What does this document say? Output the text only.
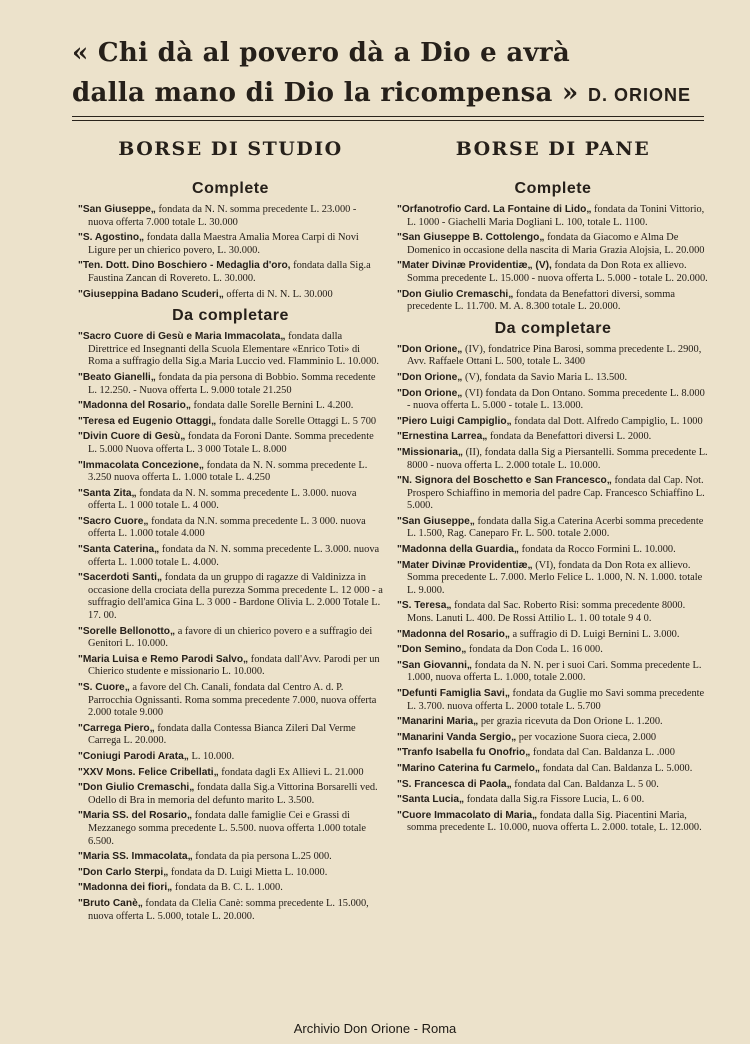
« Chi dà al povero dà a Dio e avrà
dalla mano di Dio la ricompensa » D. ORIONE
BORSE DI STUDIO
Complete
"San Giuseppe„ fondata da N. N. somma precedente L. 23.000 - nuova offerta 7.000 totale L. 30.000
"S. Agostino„ fondata dalla Maestra Amalia Morea Carpi di Novi Ligure per un chierico povero, L. 30.000.
"Ten. Dott. Dino Boschiero - Medaglia d'oro, fondata dalla Sig.a Faustina Zancan di Rovereto. L. 30.000.
"Giuseppina Badano Scuderi„ offerta di N. N. L. 30.000
Da completare
"Sacro Cuore di Gesù e Maria Immacolata„ fondata dalla Direttrice ed Insegnanti della Scuola Elementare «Enrico Toti» di Roma a suffragio della Sig.a Maria Luccio ved. Flamminio L. 10.000.
"Beato Gianelli„ fondata da pia persona di Bobbio. Somma recedente L. 12.250. - Nuova offerta L. 9.000 totale 21.250
"Madonna del Rosario„ fondata dalle Sorelle Bernini L. 4.200.
"Teresa ed Eugenio Ottaggi„ fondata dalle Sorelle Ottaggi L. 5 700
"Divin Cuore di Gesù„ fondata da Foroni Dante. Somma precedente L. 5.000 Nuova offerta L. 3 000 Totale L. 8.000
"Immacolata Concezione„ fondata da N. N. somma precedente L. 3.250 nuova offerta L. 1.000 totale L. 4.250
"Santa Zita„ fondata da N. N. somma precedente L. 3.000. nuova offerta L. 1 000 totale L. 4 000.
"Sacro Cuore„ fondata da N.N. somma precedente L. 3 000. nuova offerta L. 1.000 totale 4.000
"Santa Caterina„ fondata da N. N. somma precedente L. 3.000. nuova offerta L. 1.000 totale L. 4.000.
"Sacerdoti Santi„ fondata da un gruppo di ragazze di Valdinizza in occasione della crociata della purezza Somma precedente L. 12 000 - a suffragio dell'amica Gina L. 3 000 - Bardone Olivia L. 2.000 Totale L. 17. 00.
"Sorelle Bellonotto„ a favore di un chierico povero e a suffragio dei Genitori L. 10.000.
"Maria Luisa e Remo Parodi Salvo„ fondata dall'Avv. Parodi per un Chierico studente e missionario L. 10.000.
"S. Cuore„ a favore del Ch. Canali, fondata dal Centro A. d. P. Parrocchia Ognissanti. Roma somma precedente 7.000, nuova offerta 2.000 totale 9.000
"Carrega Piero„ fondata dalla Contessa Bianca Zileri Dal Verme Carrega L. 20.000.
"Coniugi Parodi Arata„ L. 10.000.
"XXV Mons. Felice Cribellati„ fondata dagli Ex Allievi L. 21.000
"Don Giulio Cremaschi„ fondata dalla Sig.a Vittorina Borsarelli ved. Odello di Bra in memoria del defunto marito L. 3.500.
"Maria SS. del Rosario„ fondata dalle famiglie Cei e Grassi di Mezzanego somma precedente L. 5.500. nuova offerta 1.000 totale 6.500.
"Maria SS. Immacolata„ fondata da pia persona L.25 000.
"Don Carlo Sterpi„ fondata da D. Luigi Mietta L. 10.000.
"Madonna dei fiori„ fondata da B. C. L. 1.000.
"Bruto Canè„ fondata da Clelia Canè: somma precedente L. 15.000, nuova offerta L. 5.000, totale L. 20.000.
BORSE DI PANE
Complete
"Orfanotrofio Card. La Fontaine di Lido„ fondata da Tonini Vittorio, L. 1000 - Giachelli Maria Dogliani L. 100, totale L. 1100.
"San Giuseppe B. Cottolengo„ fondata da Giacomo e Alma De Domenico in occasione della nascita di Maria Grazia Alojsia, L. 20.000
"Mater Divinæ Providentiæ„ (V), fondata da Don Rota ex allievo. Somma precedente L. 15.000 - nuova offerta L. 5.000 - totale L. 20.000.
"Don Giulio Cremaschi„ fondata da Benefattori diversi, somma precedente L. 11.700. M. A. 8.300 totale L. 20.000.
Da completare
"Don Orione„ (IV), fondatrice Pina Barosi, somma precedente L. 2900, Avv. Raffaele Ottani L. 500, totale L. 3400
"Don Orione„ (V), fondata da Savio Maria L. 13.500.
"Don Orione„ (VI) fondata da Don Ontano. Somma precedente L. 8.000 - nuova offerta L. 5.000 - totale L. 13.000.
"Piero Luigi Campiglio„ fondata dal Dott. Alfredo Campiglio, L. 1000
"Ernestina Larrea„ fondata da Benefattori diversi L. 2000.
"Missionaria„ (II), fondata dalla Sig a Piersantelli. Somma precedente L. 8000 - nuova offerta L. 2.000 totale L. 10.000.
"N. Signora del Boschetto e San Francesco„ fondata dal Cap. Not. Prospero Schiaffino in memoria del padre Cap. Francesco Schiaffino L. 5.000.
"San Giuseppe„ fondata dalla Sig.a Caterina Acerbi somma precedente L. 1.500, Rag. Caneparo Fr. L. 500. totale 2.000.
"Madonna della Guardia„ fondata da Rocco Formini L. 10.000.
"Mater Divinæ Providentiæ„ (VI), fondata da Don Rota ex allievo. Somma precedente L. 7.000. Merlo Felice L. 1.000, N. N. 1.000. totale L. 9.000.
"S. Teresa„ fondata dal Sac. Roberto Risi: somma precedente 8000. Mons. Lanuti L. 400. De Rossi Attilio L. 1. 00 totale 9 4 0.
"Madonna del Rosario„ a suffragio di D. Luigi Bernini L. 3.000.
"Don Semino„ fondata da Don Coda L. 16 000.
"San Giovanni„ fondata da N. N. per i suoi Cari. Somma precedente L. 1.000, nuova offerta L. 1.000, totale 2.000.
"Defunti Famiglia Savi„ fondata da Guglie mo Savi somma precedente L. 3.700. nuova offerta L. 2000 totale L. 5.700
"Manarini Maria„ per grazia ricevuta da Don Orione L. 1.200.
"Manarini Vanda Sergio„ per vocazione Suora cieca, 2.000
"Tranfo Isabella fu Onofrio„ fondata dal Can. Baldanza L. .000
"Marino Caterina fu Carmelo„ fondata dal Can. Baldanza L. 5.000.
"S. Francesca di Paola„ fondata dal Can. Baldanza L. 5 00.
"Santa Lucia„ fondata dalla Sig.ra Fissore Lucia, L. 6 00.
"Cuore Immacolato di Maria„ fondata dalla Sig. Piacentini Maria, somma precedente L. 10.000, nuova offerta L. 2.000. totale, L. 12.000.
Archivio Don Orione - Roma
